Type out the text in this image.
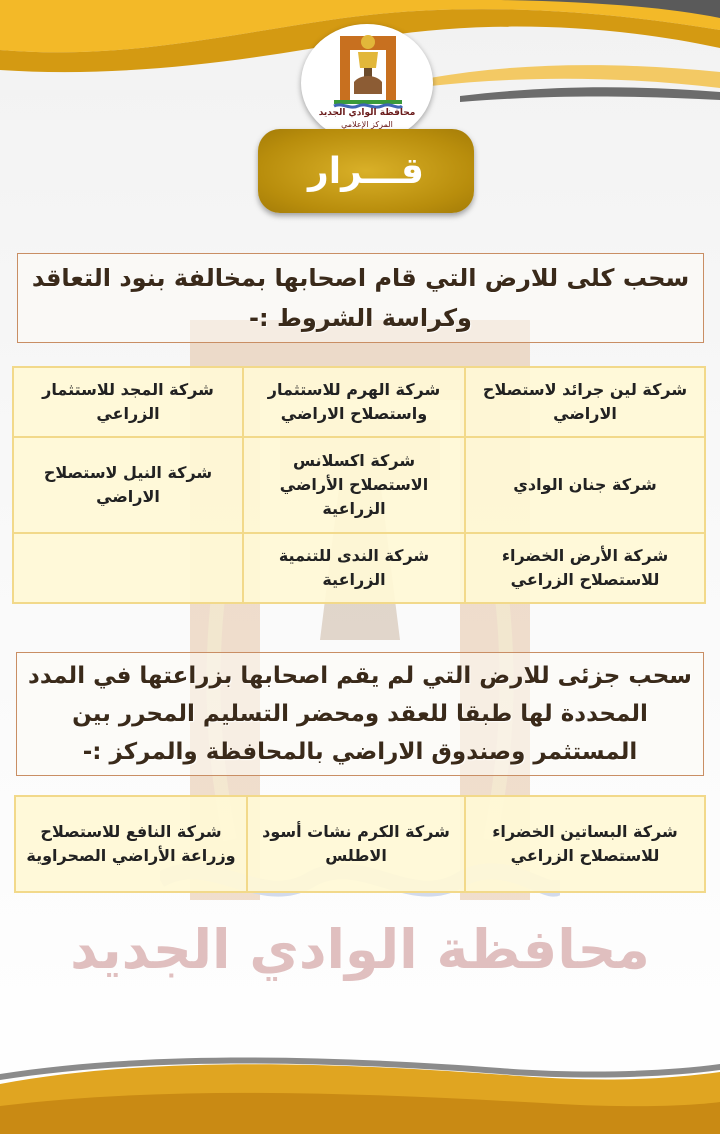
محافظة الوادي الجديد
محافظة الوادي الجديد
المركز الإعلامي
قـــرار
سحب كلى للارض التي قام اصحابها بمخالفة بنود التعاقد وكراسة الشروط :-
شركة لين جرائد لاستصلاح الاراضي	شركة الهرم للاستثمار واستصلاح الاراضي	شركة المجد للاستثمار الزراعي
شركة جنان الوادي	شركة اكسلانس الاستصلاح الأراضي الزراعية	شركة النيل لاستصلاح الاراضي
شركة الأرض الخضراء للاستصلاح الزراعي	شركة الندى للتنمية الزراعية	
سحب جزئى للارض التي لم يقم اصحابها بزراعتها في المدد المحددة لها طبقا للعقد ومحضر التسليم المحرر بين المستثمر وصندوق الاراضي بالمحافظة والمركز :-
شركة البساتين الخضراء للاستصلاح الزراعي	شركة الكرم نشات أسود الاطلس	شركة النافع للاستصلاح وزراعة الأراضي الصحراوية
